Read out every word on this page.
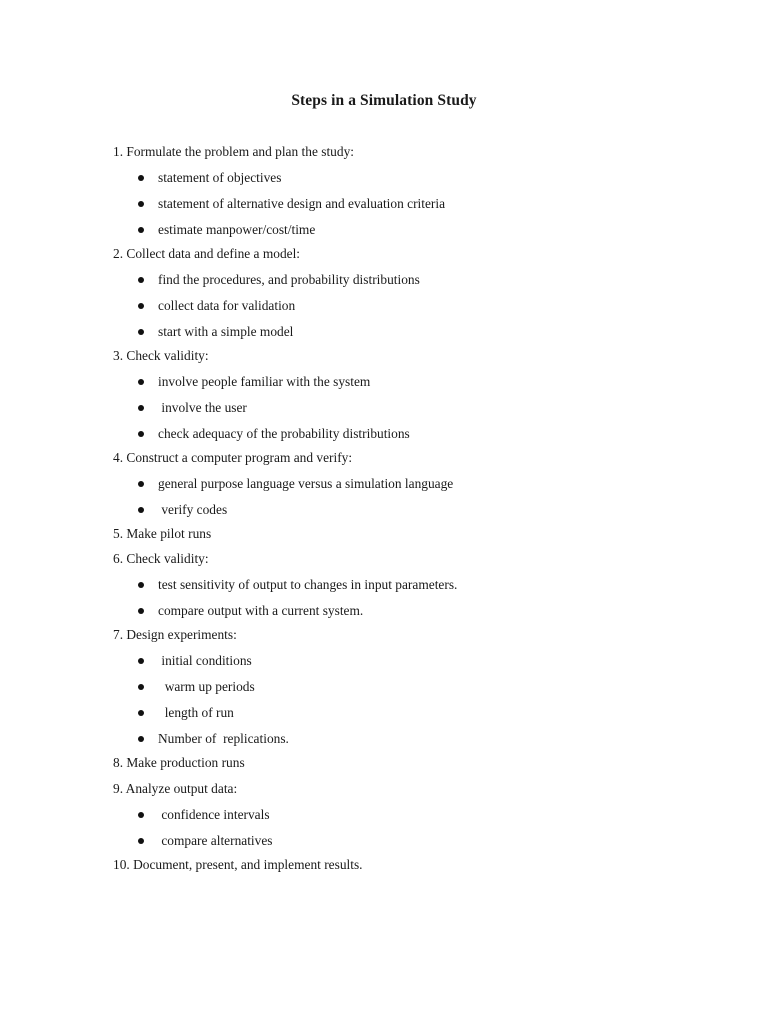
Steps in a Simulation Study
1. Formulate the problem and plan the study:
statement of objectives
statement of alternative design and evaluation criteria
estimate manpower/cost/time
2. Collect data and define a model:
find the procedures, and probability distributions
collect data for validation
start with a simple model
3. Check validity:
involve people familiar with the system
involve the user
check adequacy of the probability distributions
4. Construct a computer program and verify:
general purpose language versus a simulation language
verify codes
5. Make pilot runs
6. Check validity:
test sensitivity of output to changes in input parameters.
compare output with a current system.
7. Design experiments:
initial conditions
warm up periods
length of run
Number of  replications.
8. Make production runs
9. Analyze output data:
confidence intervals
compare alternatives
10. Document, present, and implement results.
